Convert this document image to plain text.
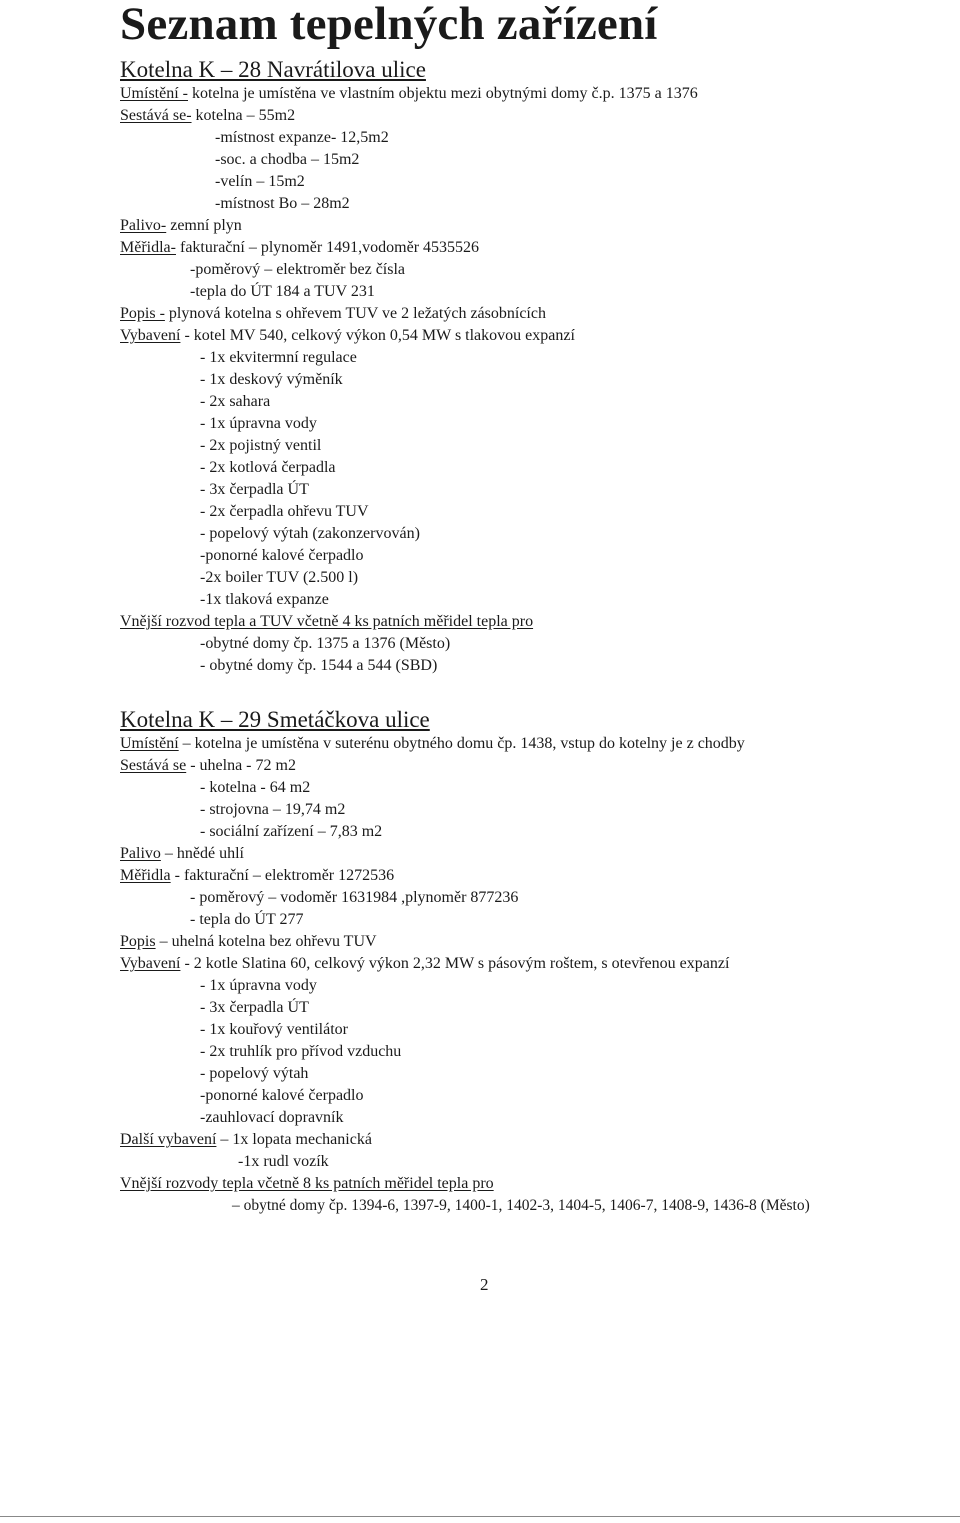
Seznam tepelných zařízení
Kotelna K – 28 Navrátilova ulice
Umístění - kotelna je umístěna ve vlastním objektu mezi obytnými domy č.p. 1375 a 1376
Sestává se- kotelna – 55m2
-místnost expanze- 12,5m2
-soc. a chodba – 15m2
-velín – 15m2
-místnost Bo – 28m2
Palivo- zemní plyn
Měřidla- fakturační – plynoměr 1491,vodoměr 4535526
-poměrový – elektroměr bez čísla
-tepla do ÚT 184 a TUV 231
Popis - plynová kotelna s ohřevem TUV ve 2 ležatých zásobnících
Vybavení - kotel MV 540, celkový výkon 0,54 MW s tlakovou expanzí
- 1x ekvitermní regulace
- 1x deskový výměník
- 2x sahara
- 1x úpravna vody
- 2x pojistný ventil
- 2x kotlová čerpadla
- 3x čerpadla ÚT
- 2x čerpadla ohřevu TUV
- popelový výtah (zakonzervován)
-ponorné kalové čerpadlo
-2x boiler TUV (2.500 l)
-1x tlaková expanze
Vnější rozvod tepla a TUV včetně 4 ks patních měřidel tepla pro
-obytné domy čp. 1375 a 1376 (Město)
- obytné domy čp. 1544 a 544 (SBD)
Kotelna K – 29 Smetáčkova ulice
Umístění – kotelna je umístěna v suterénu obytného domu čp. 1438, vstup do kotelny je z chodby
Sestává se - uhelna - 72 m2
- kotelna - 64 m2
- strojovna – 19,74 m2
- sociální zařízení – 7,83 m2
Palivo – hnědé uhlí
Měřidla - fakturační – elektroměr 1272536
- poměrový – vodoměr 1631984 ,plynoměr 877236
- tepla do ÚT 277
Popis – uhelná kotelna bez ohřevu TUV
Vybavení - 2 kotle Slatina 60, celkový výkon 2,32 MW s pásovým roštem, s otevřenou expanzí
- 1x úpravna vody
- 3x čerpadla ÚT
- 1x kouřový ventilátor
- 2x truhlík pro přívod vzduchu
- popelový výtah
-ponorné kalové čerpadlo
-zauhlovací dopravník
Další vybavení – 1x lopata mechanická
-1x rudl vozík
Vnější rozvody tepla včetně 8 ks patních měřidel tepla pro
– obytné domy čp. 1394-6, 1397-9, 1400-1, 1402-3, 1404-5, 1406-7, 1408-9, 1436-8 (Město)
2
